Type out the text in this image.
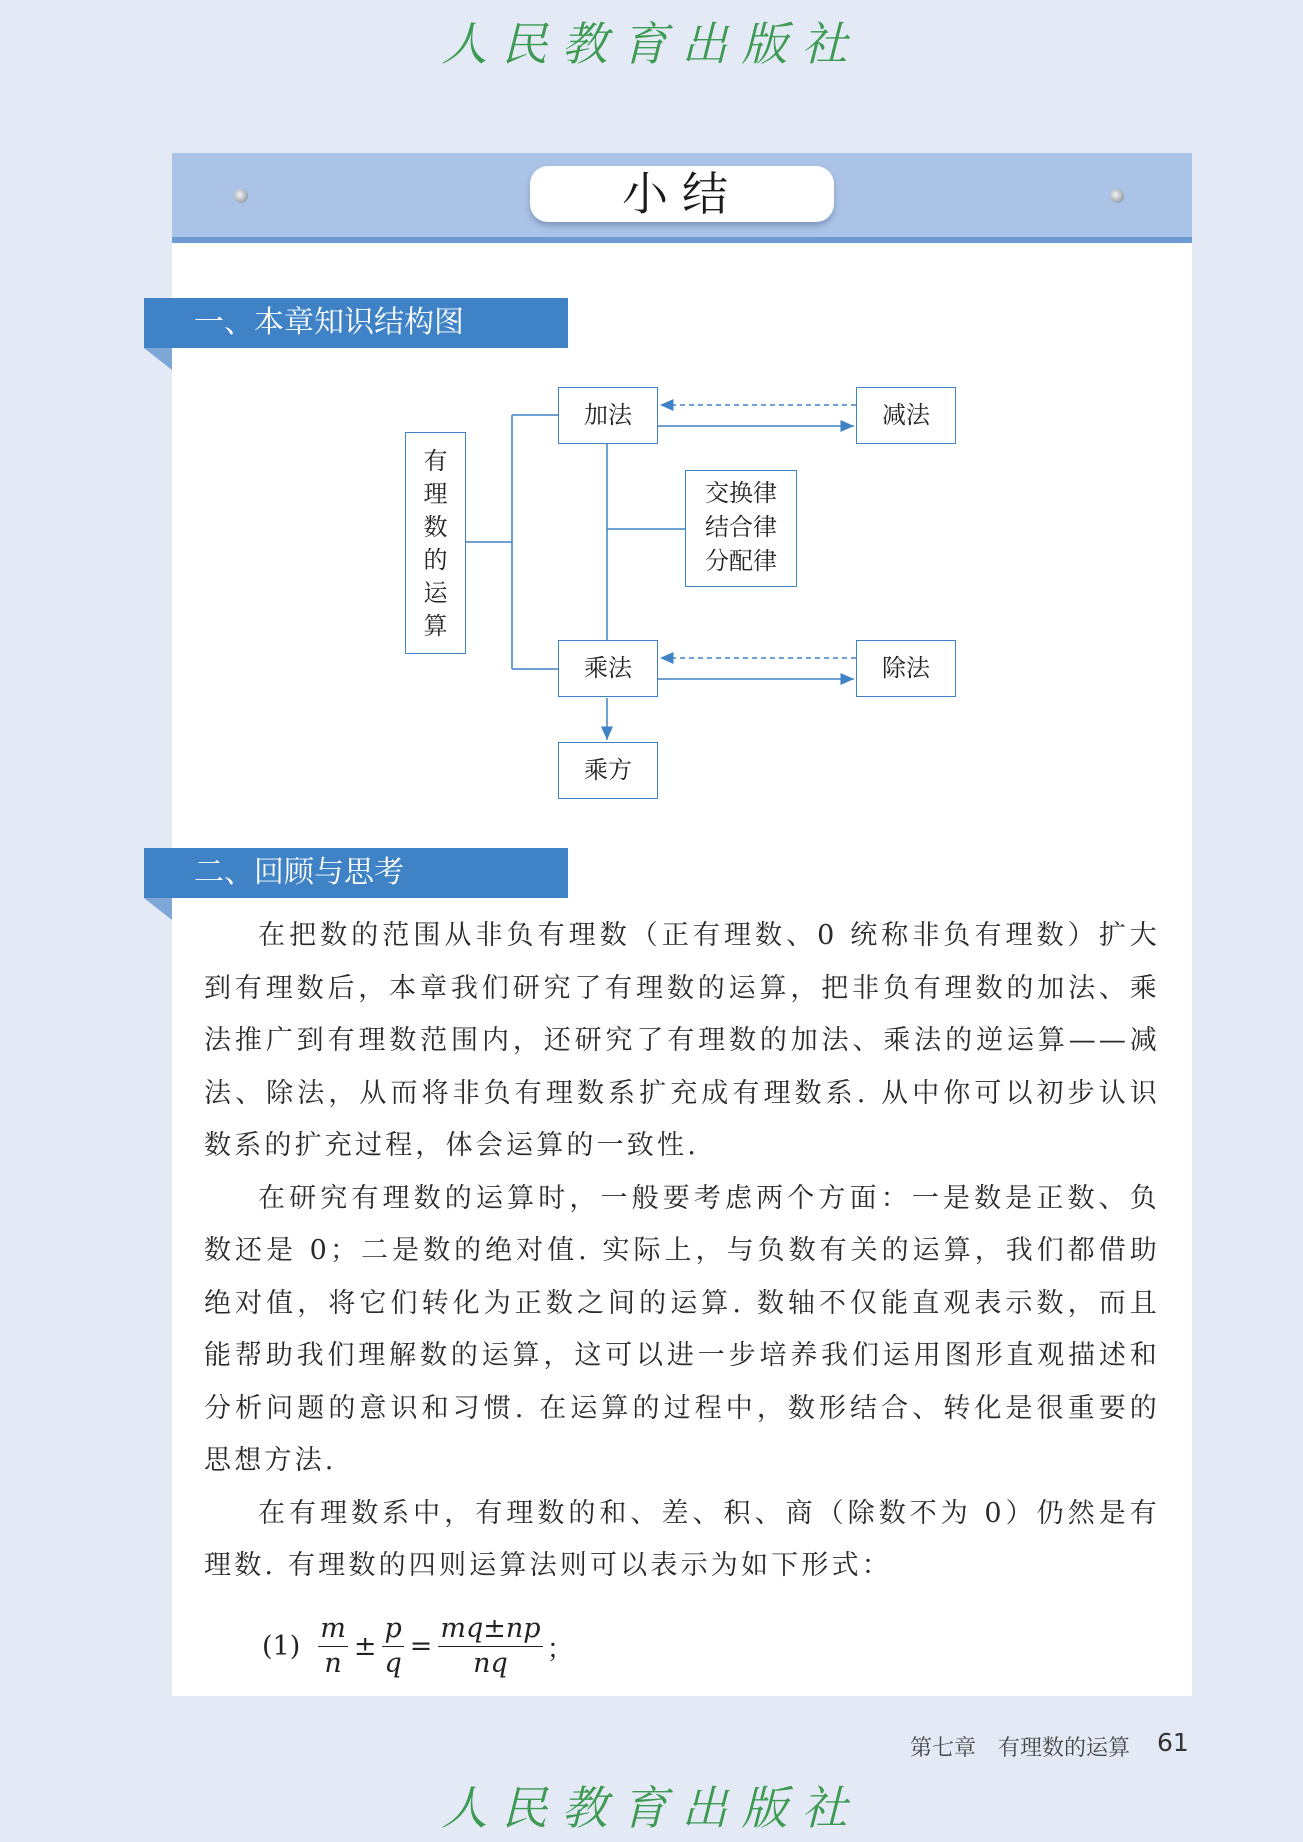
人民教育出版社
小结
一、本章知识结构图
有
理
数
的
运
算
加法	减法
交换律
结合律
分配律
乘法	除法
乘方
二、回顾与思考

在把数的范围从非负有理数（正有理数、0 统称非负有理数）扩大到有理数后，本章我们研究了有理数的运算，把非负有理数的加法、乘法推广到有理数范围内，还研究了有理数的加法、乘法的逆运算——减法、除法，从而将非负有理数系扩充成有理数系. 从中你可以初步认识数系的扩充过程，体会运算的一致性.

在研究有理数的运算时，一般要考虑两个方面：一是数是正数、负数还是 0；二是数的绝对值. 实际上，与负数有关的运算，我们都借助绝对值，将它们转化为正数之间的运算. 数轴不仅能直观表示数，而且能帮助我们理解数的运算，这可以进一步培养我们运用图形直观描述和分析问题的意识和习惯. 在运算的过程中，数形结合、转化是很重要的思想方法.

在有理数系中，有理数的和、差、积、商（除数不为 0）仍然是有理数. 有理数的四则运算法则可以表示为如下形式：

$(1) \frac{m}{n} \pm \frac{p}{q} = \frac{mq\pm np}{nq}$ ；
第七章　有理数的运算 61
人民教育出版社
